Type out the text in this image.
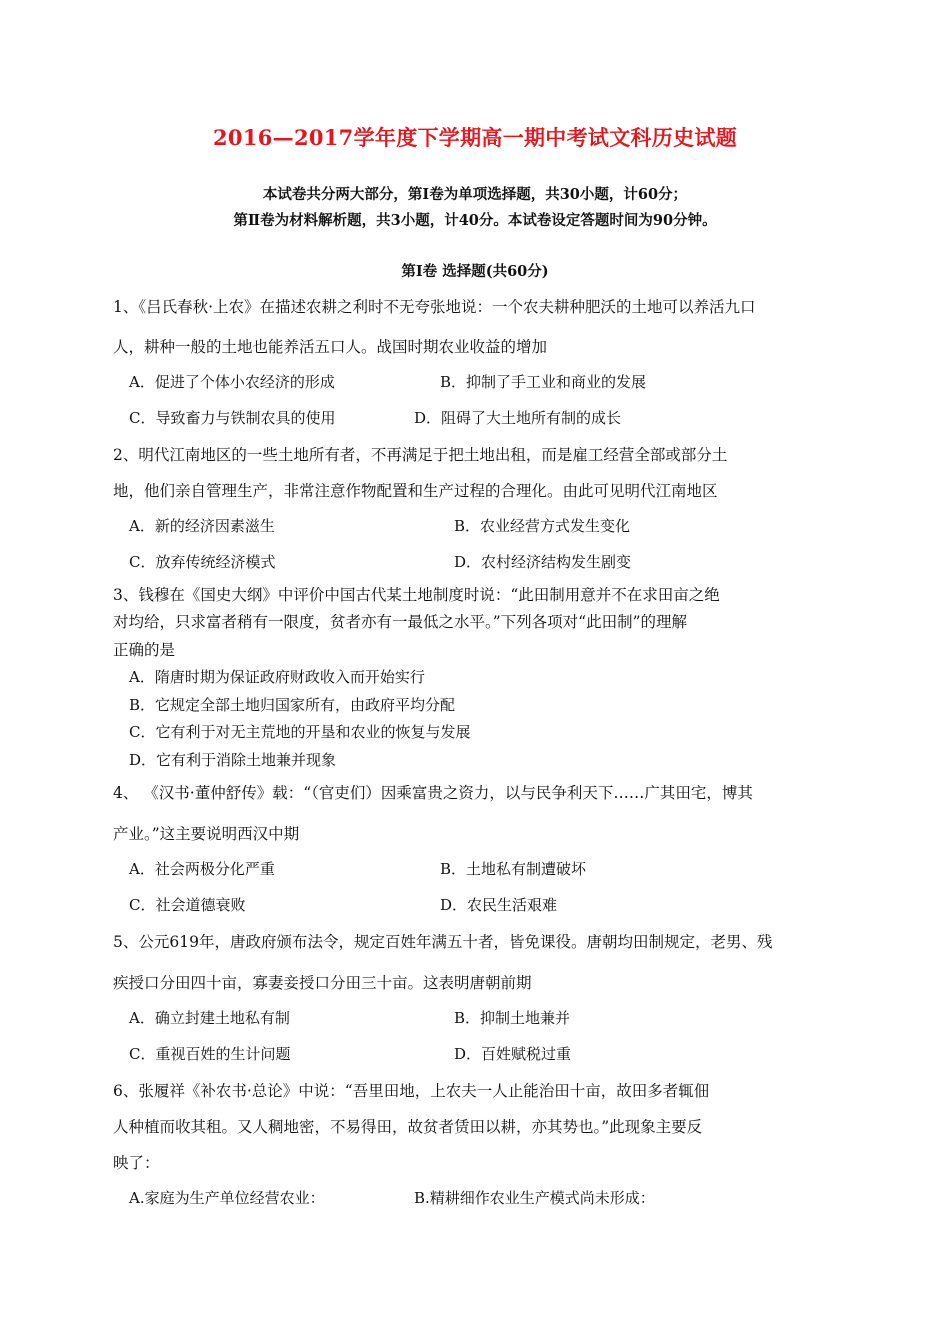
2016—2017学年度下学期高一期中考试文科历史试题
本试卷共分两大部分，第Ⅰ卷为单项选择题，共30小题，计60分；
第Ⅱ卷为材料解析题，共3小题，计40分。本试卷设定答题时间为90分钟。
第Ⅰ卷 选择题(共60分)
1、《吕氏春秋·上农》在描述农耕之利时不无夸张地说：一个农夫耕种肥沃的土地可以养活九口
人，耕种一般的土地也能养活五口人。战国时期农业收益的增加
A．促进了个体小农经济的形成	B．抑制了手工业和商业的发展
C．导致畜力与铁制农具的使用	D．阻碍了大土地所有制的成长
2、明代江南地区的一些土地所有者，不再满足于把土地出租，而是雇工经营全部或部分土
地，他们亲自管理生产，非常注意作物配置和生产过程的合理化。由此可见明代江南地区
A．新的经济因素滋生	B．农业经营方式发生变化
C．放弃传统经济模式	D．农村经济结构发生剧变
3、钱穆在《国史大纲》中评价中国古代某土地制度时说：“此田制用意并不在求田亩之绝
对均给，只求富者稍有一限度，贫者亦有一最低之水平。”下列各项对“此田制”的理解
正确的是
A．隋唐时期为保证政府财政收入而开始实行
B．它规定全部土地归国家所有，由政府平均分配
C．它有利于对无主荒地的开垦和农业的恢复与发展
D．它有利于消除土地兼并现象
4、 《汉书·董仲舒传》载：“（官吏们）因乘富贵之资力，以与民争利天下……广其田宅，博其
产业。”这主要说明西汉中期
A．社会两极分化严重	B．土地私有制遭破坏
C．社会道德衰败	D．农民生活艰难
5、公元619年，唐政府颁布法令，规定百姓年满五十者，皆免课役。唐朝均田制规定，老男、残
疾授口分田四十亩，寡妻妾授口分田三十亩。这表明唐朝前期
A．确立封建土地私有制	B．抑制土地兼并
C．重视百姓的生计问题	D．百姓赋税过重
6、张履祥《补农书·总论》中说：“吾里田地，上农夫一人止能治田十亩，故田多者辄佃
人种植而收其租。又人稠地密，不易得田，故贫者赁田以耕，亦其势也。”此现象主要反
映了：
A.家庭为生产单位经营农业：	B.精耕细作农业生产模式尚未形成：
